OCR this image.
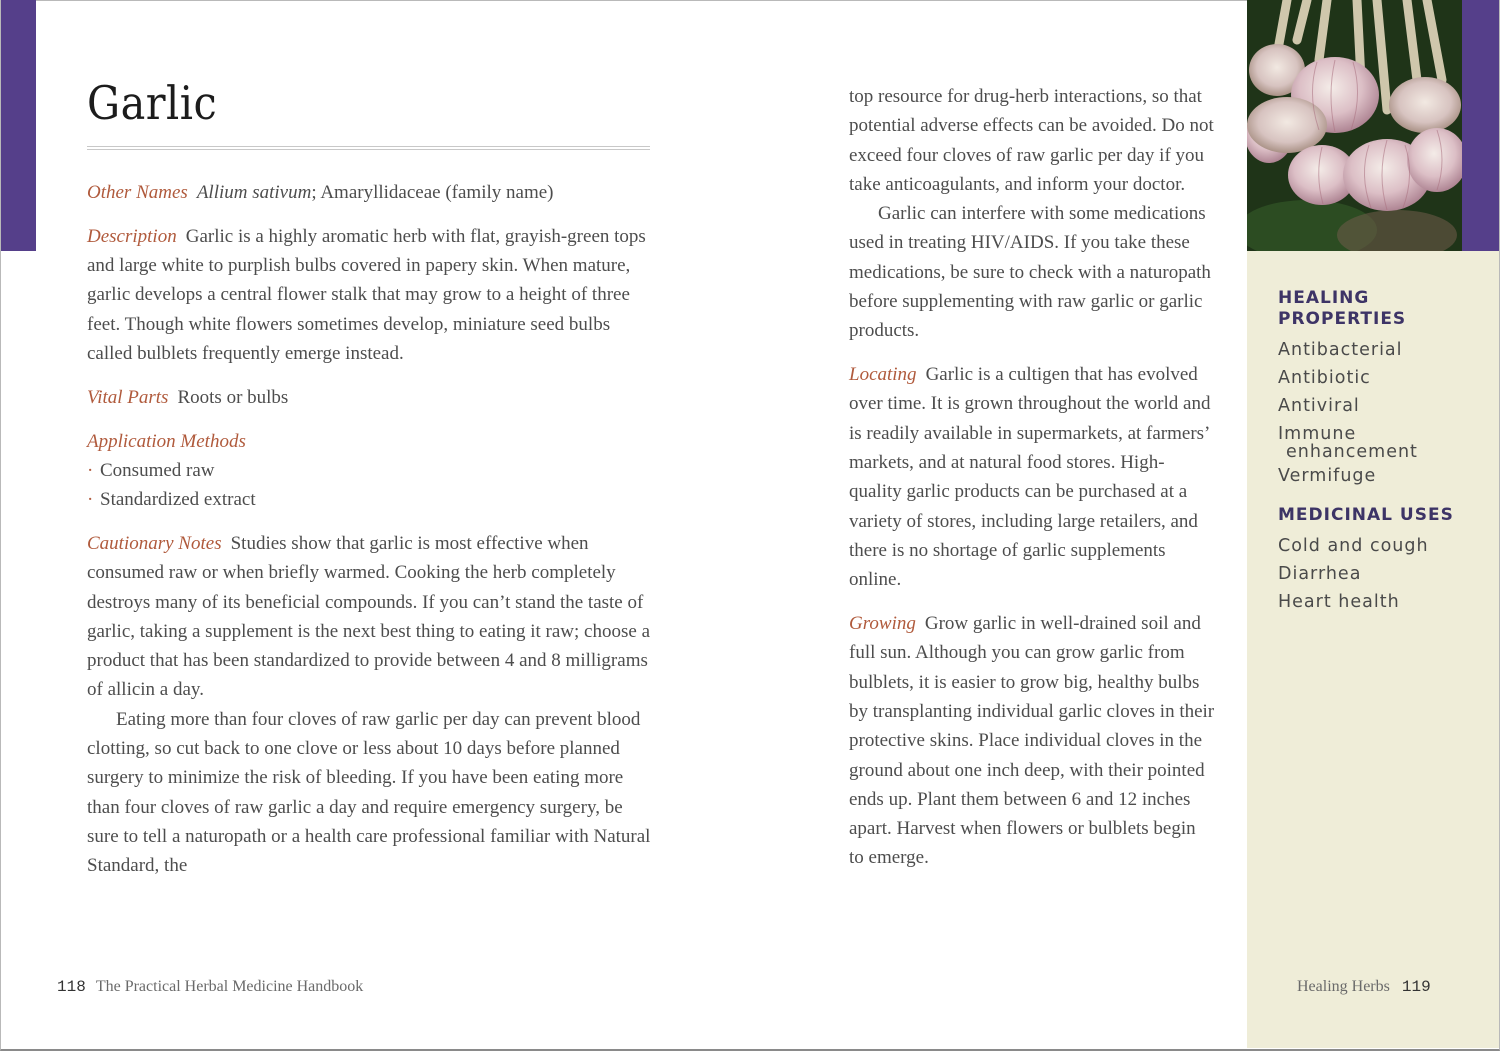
Garlic

Other Names Allium sativum; Amaryllidaceae (family name)

Description Garlic is a highly aromatic herb with flat, grayish-green tops and large white to purplish bulbs covered in papery skin. When mature, garlic develops a central flower stalk that may grow to a height of three feet. Though white flowers sometimes develop, miniature seed bulbs called bulblets frequently emerge instead.

Vital Parts Roots or bulbs

Application Methods
· Consumed raw
· Standardized extract

Cautionary Notes Studies show that garlic is most effective when consumed raw or when briefly warmed. Cooking the herb completely destroys many of its beneficial compounds. If you can’t stand the taste of garlic, taking a supplement is the next best thing to eating it raw; choose a product that has been standardized to provide between 4 and 8 milligrams of allicin a day.

Eating more than four cloves of raw garlic per day can prevent blood clotting, so cut back to one clove or less about 10 days before planned surgery to minimize the risk of bleeding. If you have been eating more than four cloves of raw garlic a day and require emergency surgery, be sure to tell a naturopath or a health care professional familiar with Natural Standard, the

top resource for drug-herb interactions, so that potential adverse effects can be avoided. Do not exceed four cloves of raw garlic per day if you take anticoagulants, and inform your doctor.

Garlic can interfere with some medications used in treating HIV/AIDS. If you take these medications, be sure to check with a naturopath before supplementing with raw garlic or garlic products.

Locating Garlic is a cultigen that has evolved over time. It is grown throughout the world and is readily available in supermarkets, at farmers’ markets, and at natural food stores. High-quality garlic products can be purchased at a variety of stores, including large retailers, and there is no shortage of garlic supplements online.

Growing Grow garlic in well-drained soil and full sun. Although you can grow garlic from bulblets, it is easier to grow big, healthy bulbs by transplanting individual garlic cloves in their protective skins. Place individual cloves in the ground about one inch deep, with their pointed ends up. Plant them between 6 and 12 inches apart. Harvest when flowers or bulblets begin to emerge.

HEALING
PROPERTIES
Antibacterial
Antibiotic
Antiviral
Immune
enhancement
Vermifuge
MEDICINAL USES
Cold and cough
Diarrhea
Heart health
118 The Practical Herbal Medicine Handbook	Healing Herbs 119
